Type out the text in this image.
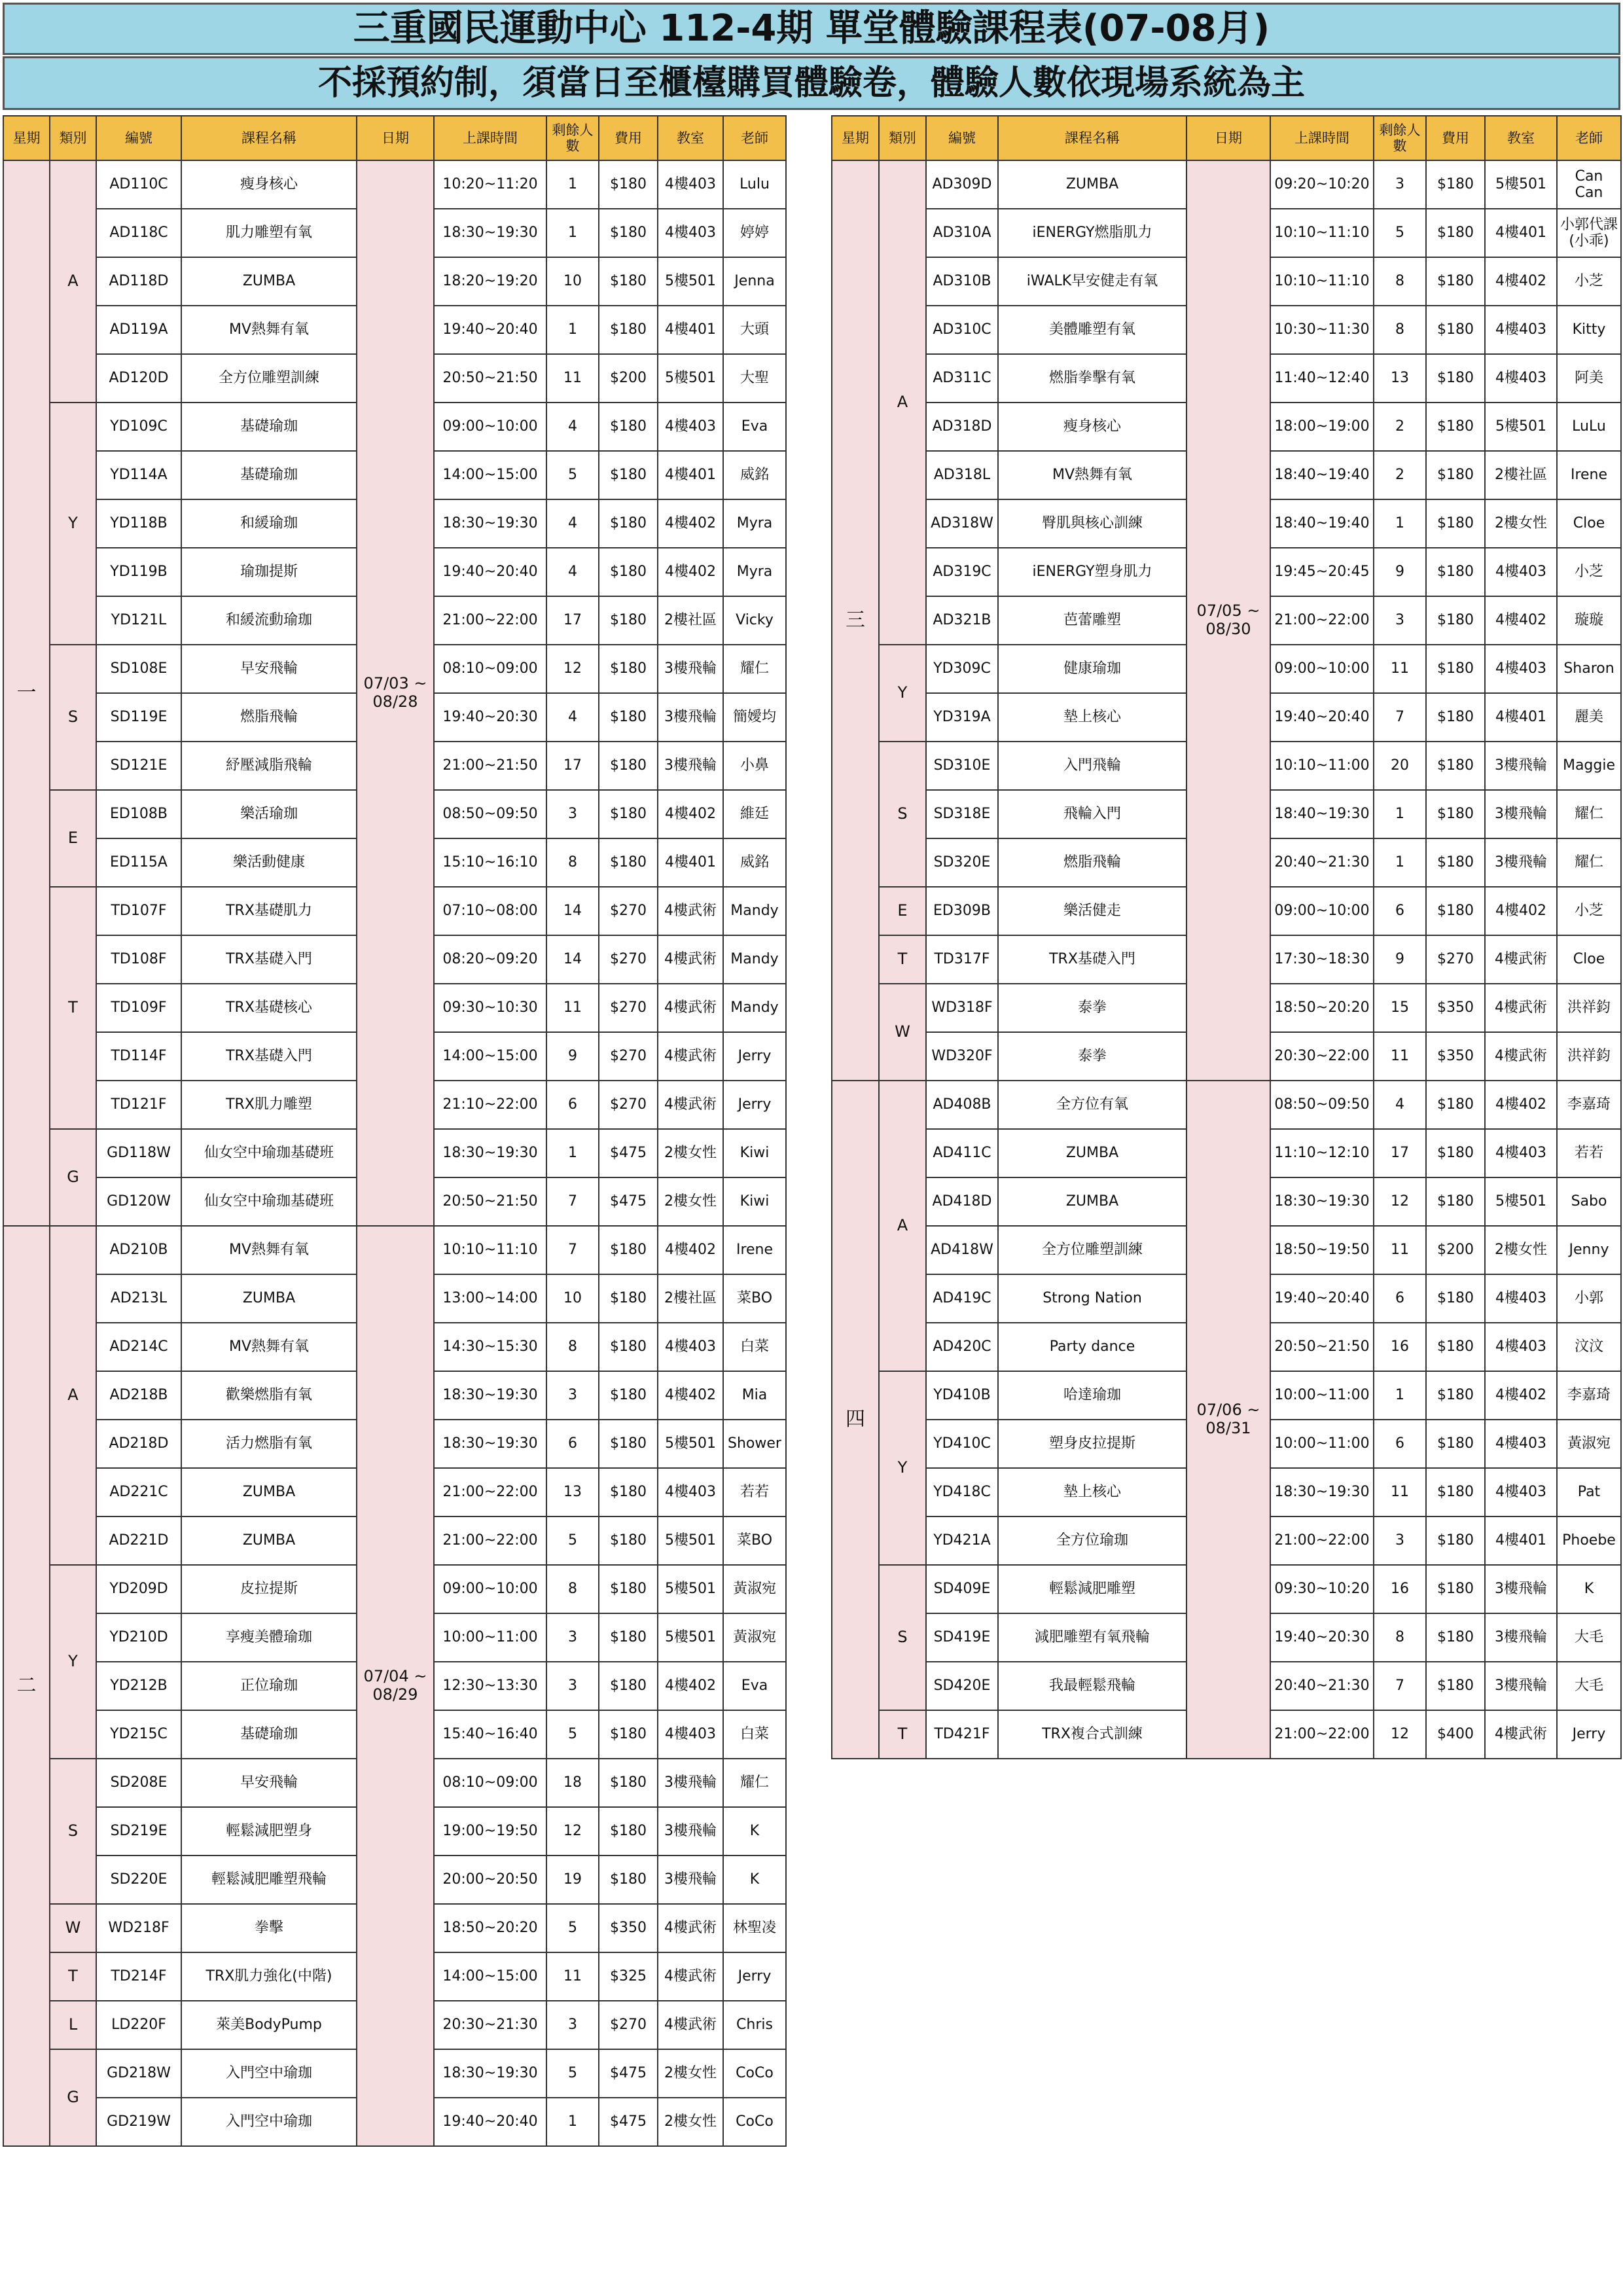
三重國民運動中心 112-4期 單堂體驗課程表(07-08月)
不採預約制，須當日至櫃檯購買體驗卷，體驗人數依現場系統為主
星期	類別	編號	課程名稱	日期	上課時間	剩餘人數	費用	教室	老師
一	A	AD110C	瘦身核心	07/03 ~ 08/28	10:20~11:20	1	$180	4樓403	Lulu
		AD118C	肌力雕塑有氧		18:30~19:30	1	$180	4樓403	婷婷
		AD118D	ZUMBA		18:20~19:20	10	$180	5樓501	Jenna
		AD119A	MV熱舞有氧		19:40~20:40	1	$180	4樓401	大頭
		AD120D	全方位雕塑訓練		20:50~21:50	11	$200	5樓501	大聖
	Y	YD109C	基礎瑜珈		09:00~10:00	4	$180	4樓403	Eva
		YD114A	基礎瑜珈		14:00~15:00	5	$180	4樓401	威銘
		YD118B	和緩瑜珈		18:30~19:30	4	$180	4樓402	Myra
		YD119B	瑜珈提斯		19:40~20:40	4	$180	4樓402	Myra
		YD121L	和緩流動瑜珈		21:00~22:00	17	$180	2樓社區	Vicky
	S	SD108E	早安飛輪		08:10~09:00	12	$180	3樓飛輪	耀仁
		SD119E	燃脂飛輪		19:40~20:30	4	$180	3樓飛輪	簡嬡均
		SD121E	紓壓減脂飛輪		21:00~21:50	17	$180	3樓飛輪	小鼻
	E	ED108B	樂活瑜珈		08:50~09:50	3	$180	4樓402	維廷
		ED115A	樂活動健康		15:10~16:10	8	$180	4樓401	威銘
	T	TD107F	TRX基礎肌力		07:10~08:00	14	$270	4樓武術	Mandy
		TD108F	TRX基礎入門		08:20~09:20	14	$270	4樓武術	Mandy
		TD109F	TRX基礎核心		09:30~10:30	11	$270	4樓武術	Mandy
		TD114F	TRX基礎入門		14:00~15:00	9	$270	4樓武術	Jerry
		TD121F	TRX肌力雕塑		21:10~22:00	6	$270	4樓武術	Jerry
	G	GD118W	仙女空中瑜珈基礎班		18:30~19:30	1	$475	2樓女性	Kiwi
		GD120W	仙女空中瑜珈基礎班		20:50~21:50	7	$475	2樓女性	Kiwi
二	A	AD210B	MV熱舞有氧	07/04 ~ 08/29	10:10~11:10	7	$180	4樓402	Irene
		AD213L	ZUMBA		13:00~14:00	10	$180	2樓社區	菜BO
		AD214C	MV熱舞有氧		14:30~15:30	8	$180	4樓403	白菜
		AD218B	歡樂燃脂有氧		18:30~19:30	3	$180	4樓402	Mia
		AD218D	活力燃脂有氧		18:30~19:30	6	$180	5樓501	Shower
		AD221C	ZUMBA		21:00~22:00	13	$180	4樓403	若若
		AD221D	ZUMBA		21:00~22:00	5	$180	5樓501	菜BO
	Y	YD209D	皮拉提斯		09:00~10:00	8	$180	5樓501	黃淑宛
		YD210D	享瘦美體瑜珈		10:00~11:00	3	$180	5樓501	黃淑宛
		YD212B	正位瑜珈		12:30~13:30	3	$180	4樓402	Eva
		YD215C	基礎瑜珈		15:40~16:40	5	$180	4樓403	白菜
	S	SD208E	早安飛輪		08:10~09:00	18	$180	3樓飛輪	耀仁
		SD219E	輕鬆減肥塑身		19:00~19:50	12	$180	3樓飛輪	K
		SD220E	輕鬆減肥雕塑飛輪		20:00~20:50	19	$180	3樓飛輪	K
	W	WD218F	拳擊		18:50~20:20	5	$350	4樓武術	林聖凌
	T	TD214F	TRX肌力強化(中階)		14:00~15:00	11	$325	4樓武術	Jerry
	L	LD220F	萊美BodyPump		20:30~21:30	3	$270	4樓武術	Chris
	G	GD218W	入門空中瑜珈		18:30~19:30	5	$475	2樓女性	CoCo
		GD219W	入門空中瑜珈		19:40~20:40	1	$475	2樓女性	CoCo
星期	類別	編號	課程名稱	日期	上課時間	剩餘人數	費用	教室	老師
三	A	AD309D	ZUMBA	07/05 ~ 08/30	09:20~10:20	3	$180	5樓501	Can Can
		AD310A	iENERGY燃脂肌力		10:10~11:10	5	$180	4樓401	小郭代課(小乖)
		AD310B	iWALK早安健走有氧		10:10~11:10	8	$180	4樓402	小芝
		AD310C	美體雕塑有氧		10:30~11:30	8	$180	4樓403	Kitty
		AD311C	燃脂拳擊有氧		11:40~12:40	13	$180	4樓403	阿美
		AD318D	瘦身核心		18:00~19:00	2	$180	5樓501	LuLu
		AD318L	MV熱舞有氧		18:40~19:40	2	$180	2樓社區	Irene
		AD318W	臀肌與核心訓練		18:40~19:40	1	$180	2樓女性	Cloe
		AD319C	iENERGY塑身肌力		19:45~20:45	9	$180	4樓403	小芝
		AD321B	芭蕾雕塑		21:00~22:00	3	$180	4樓402	璇璇
	Y	YD309C	健康瑜珈		09:00~10:00	11	$180	4樓403	Sharon
		YD319A	墊上核心		19:40~20:40	7	$180	4樓401	麗美
	S	SD310E	入門飛輪		10:10~11:00	20	$180	3樓飛輪	Maggie
		SD318E	飛輪入門		18:40~19:30	1	$180	3樓飛輪	耀仁
		SD320E	燃脂飛輪		20:40~21:30	1	$180	3樓飛輪	耀仁
	E	ED309B	樂活健走		09:00~10:00	6	$180	4樓402	小芝
	T	TD317F	TRX基礎入門		17:30~18:30	9	$270	4樓武術	Cloe
	W	WD318F	泰拳		18:50~20:20	15	$350	4樓武術	洪祥鈞
		WD320F	泰拳		20:30~22:00	11	$350	4樓武術	洪祥鈞
四	A	AD408B	全方位有氧	07/06 ~ 08/31	08:50~09:50	4	$180	4樓402	李嘉琦
		AD411C	ZUMBA		11:10~12:10	17	$180	4樓403	若若
		AD418D	ZUMBA		18:30~19:30	12	$180	5樓501	Sabo
		AD418W	全方位雕塑訓練		18:50~19:50	11	$200	2樓女性	Jenny
		AD419C	Strong Nation		19:40~20:40	6	$180	4樓403	小郭
		AD420C	Party dance		20:50~21:50	16	$180	4樓403	汶汶
	Y	YD410B	哈達瑜珈		10:00~11:00	1	$180	4樓402	李嘉琦
		YD410C	塑身皮拉提斯		10:00~11:00	6	$180	4樓403	黃淑宛
		YD418C	墊上核心		18:30~19:30	11	$180	4樓403	Pat
		YD421A	全方位瑜珈		21:00~22:00	3	$180	4樓401	Phoebe
	S	SD409E	輕鬆減肥雕塑		09:30~10:20	16	$180	3樓飛輪	K
		SD419E	減肥雕塑有氧飛輪		19:40~20:30	8	$180	3樓飛輪	大毛
		SD420E	我最輕鬆飛輪		20:40~21:30	7	$180	3樓飛輪	大毛
	T	TD421F	TRX複合式訓練		21:00~22:00	12	$400	4樓武術	Jerry
